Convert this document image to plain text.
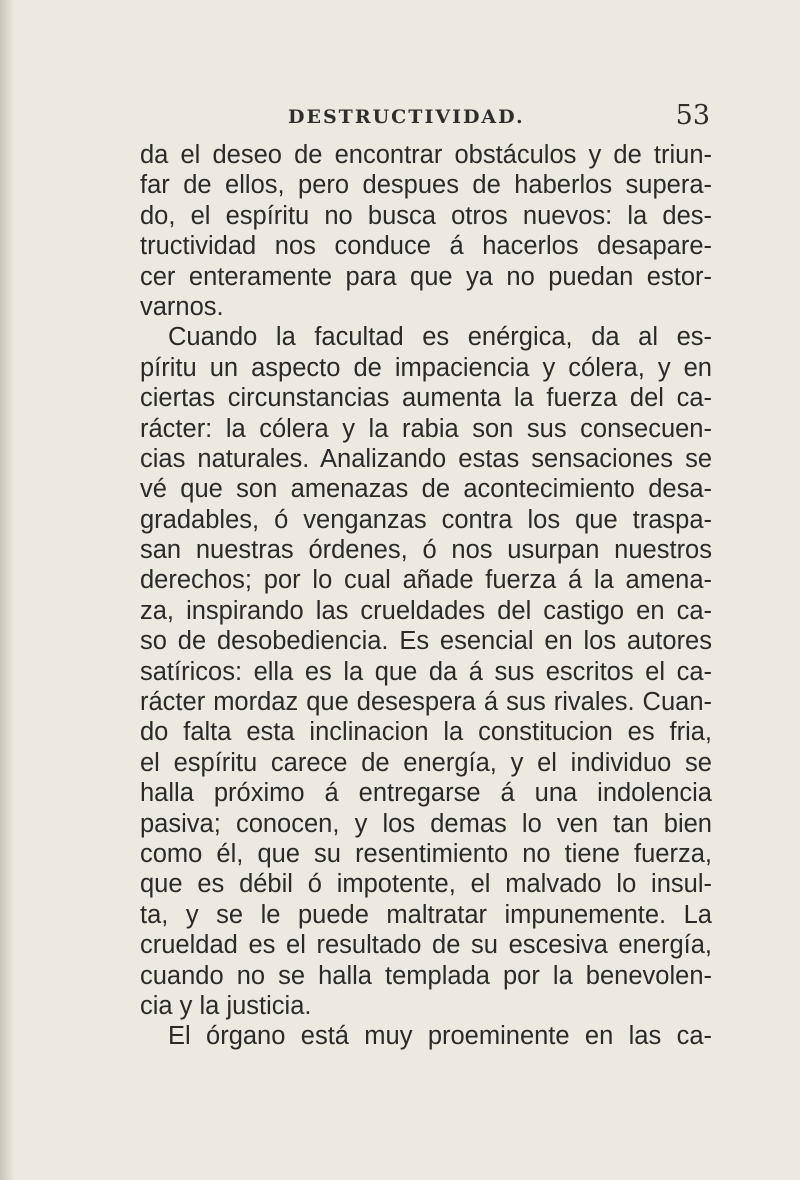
DESTRUCTIVIDAD.	53
da el deseo de encontrar obstáculos y de triun-
far de ellos, pero despues de haberlos supera-
do, el espíritu no busca otros nuevos: la des-
tructividad nos conduce á hacerlos desapare-
cer enteramente para que ya no puedan estor-
varnos.
Cuando la facultad es enérgica, da al es-
píritu un aspecto de impaciencia y cólera, y en
ciertas circunstancias aumenta la fuerza del ca-
rácter: la cólera y la rabia son sus consecuen-
cias naturales. Analizando estas sensaciones se
vé que son amenazas de acontecimiento desa-
gradables, ó venganzas contra los que traspa-
san nuestras órdenes, ó nos usurpan nuestros
derechos; por lo cual añade fuerza á la amena-
za, inspirando las crueldades del castigo en ca-
so de desobediencia. Es esencial en los autores
satíricos: ella es la que da á sus escritos el ca-
rácter mordaz que desespera á sus rivales. Cuan-
do falta esta inclinacion la constitucion es fria,
el espíritu carece de energía, y el individuo se
halla próximo á entregarse á una indolencia
pasiva; conocen, y los demas lo ven tan bien
como él, que su resentimiento no tiene fuerza,
que es débil ó impotente, el malvado lo insul-
ta, y se le puede maltratar impunemente. La
crueldad es el resultado de su escesiva energía,
cuando no se halla templada por la benevolen-
cia y la justicia.
El órgano está muy proeminente en las ca-
